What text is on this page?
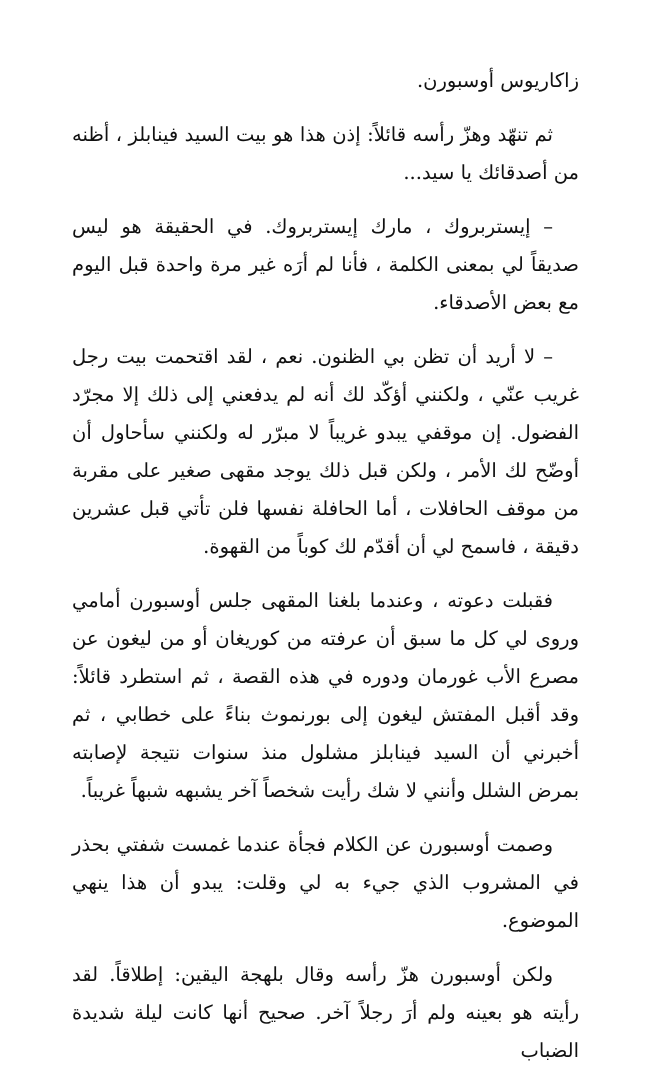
زاكاريوس أوسبورن.

ثم تنهّد وهزّ رأسه قائلاً: إذن هذا هو بيت السيد فينابلز ، أظنه من أصدقائك يا سيد...

– إيستربروك ، مارك إيستربروك. في الحقيقة هو ليس صديقاً لي بمعنى الكلمة ، فأنا لم أرَه غير مرة واحدة قبل اليوم مع بعض الأصدقاء.

– لا أريد أن تظن بي الظنون. نعم ، لقد اقتحمت بيت رجل غريب عنّي ، ولكنني أؤكّد لك أنه لم يدفعني إلى ذلك إلا مجرّد الفضول. إن موقفي يبدو غريباً لا مبرّر له ولكنني سأحاول أن أوضّح لك الأمر ، ولكن قبل ذلك يوجد مقهى صغير على مقربة من موقف الحافلات ، أما الحافلة نفسها فلن تأتي قبل عشرين دقيقة ، فاسمح لي أن أقدّم لك كوباً من القهوة.

فقبلت دعوته ، وعندما بلغنا المقهى جلس أوسبورن أمامي وروى لي كل ما سبق أن عرفته من كوريغان أو من ليغون عن مصرع الأب غورمان ودوره في هذه القصة ، ثم استطرد قائلاً: وقد أقبل المفتش ليغون إلى بورنموث بناءً على خطابي ، ثم أخبرني أن السيد فينابلز مشلول منذ سنوات نتيجة لإصابته بمرض الشلل وأنني لا شك رأيت شخصاً آخر يشبهه شبهاً غريباً.

وصمت أوسبورن عن الكلام فجأة عندما غمست شفتي بحذر في المشروب الذي جيء به لي وقلت: يبدو أن هذا ينهي الموضوع.

ولكن أوسبورن هزّ رأسه وقال بلهجة اليقين: إطلاقاً. لقد رأيته هو بعينه ولم أرَ رجلاً آخر. صحيح أنها كانت ليلة شديدة الضباب
